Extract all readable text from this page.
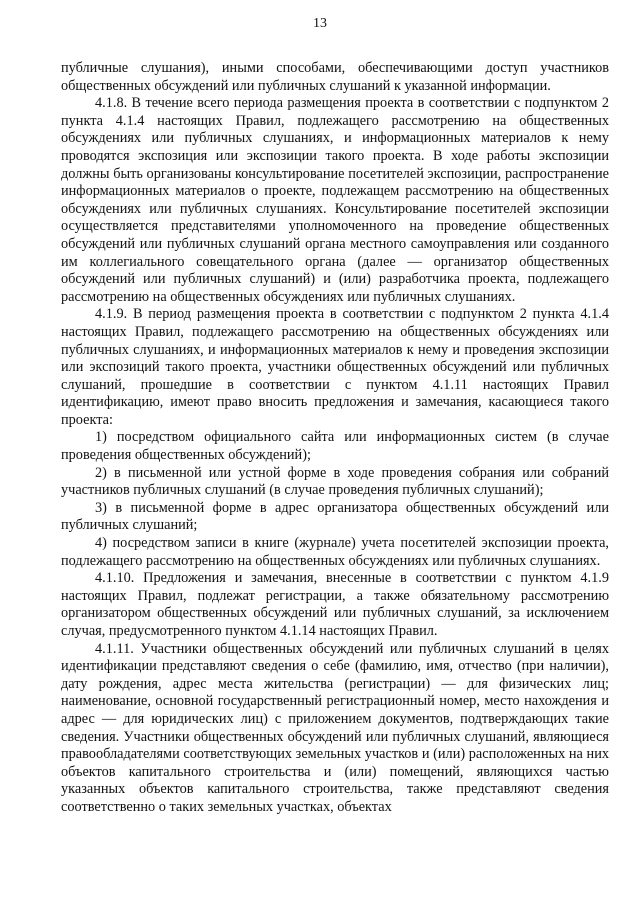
13

публичные слушания), иными способами, обеспечивающими доступ участников общественных обсуждений или публичных слушаний к указанной информации.

4.1.8. В течение всего периода размещения проекта в соответствии с подпунктом 2 пункта 4.1.4 настоящих Правил, подлежащего рассмотрению на общественных обсуждениях или публичных слушаниях, и информационных материалов к нему проводятся экспозиция или экспозиции такого проекта. В ходе работы экспозиции должны быть организованы консультирование посетителей экспозиции, распространение информационных материалов о проекте, подлежащем рассмотрению на общественных обсуждениях или публичных слушаниях. Консультирование посетителей экспозиции осуществляется представителями уполномоченного на проведение общественных обсуждений или публичных слушаний органа местного самоуправления или созданного им коллегиального совещательного органа (далее — организатор общественных обсуждений или публичных слушаний) и (или) разработчика проекта, подлежащего рассмотрению на общественных обсуждениях или публичных слушаниях.

4.1.9. В период размещения проекта в соответствии с подпунктом 2 пункта 4.1.4 настоящих Правил, подлежащего рассмотрению на общественных обсуждениях или публичных слушаниях, и информационных материалов к нему и проведения экспозиции или экспозиций такого проекта, участники общественных обсуждений или публичных слушаний, прошедшие в соответствии с пунктом 4.1.11 настоящих Правил идентификацию, имеют право вносить предложения и замечания, касающиеся такого проекта:

1) посредством официального сайта или информационных систем (в случае проведения общественных обсуждений);

2) в письменной или устной форме в ходе проведения собрания или собраний участников публичных слушаний (в случае проведения публичных слушаний);

3) в письменной форме в адрес организатора общественных обсуждений или публичных слушаний;

4) посредством записи в книге (журнале) учета посетителей экспозиции проекта, подлежащего рассмотрению на общественных обсуждениях или публичных слушаниях.

4.1.10. Предложения и замечания, внесенные в соответствии с пунктом 4.1.9 настоящих Правил, подлежат регистрации, а также обязательному рассмотрению организатором общественных обсуждений или публичных слушаний, за исключением случая, предусмотренного пунктом 4.1.14 настоящих Правил.

4.1.11. Участники общественных обсуждений или публичных слушаний в целях идентификации представляют сведения о себе (фамилию, имя, отчество (при наличии), дату рождения, адрес места жительства (регистрации) — для физических лиц; наименование, основной государственный регистрационный номер, место нахождения и адрес — для юридических лиц) с приложением документов, подтверждающих такие сведения. Участники общественных обсуждений или публичных слушаний, являющиеся правообладателями соответствующих земельных участков и (или) расположенных на них объектов капитального строительства и (или) помещений, являющихся частью указанных объектов капитального строительства, также представляют сведения соответственно о таких земельных участках, объектах
